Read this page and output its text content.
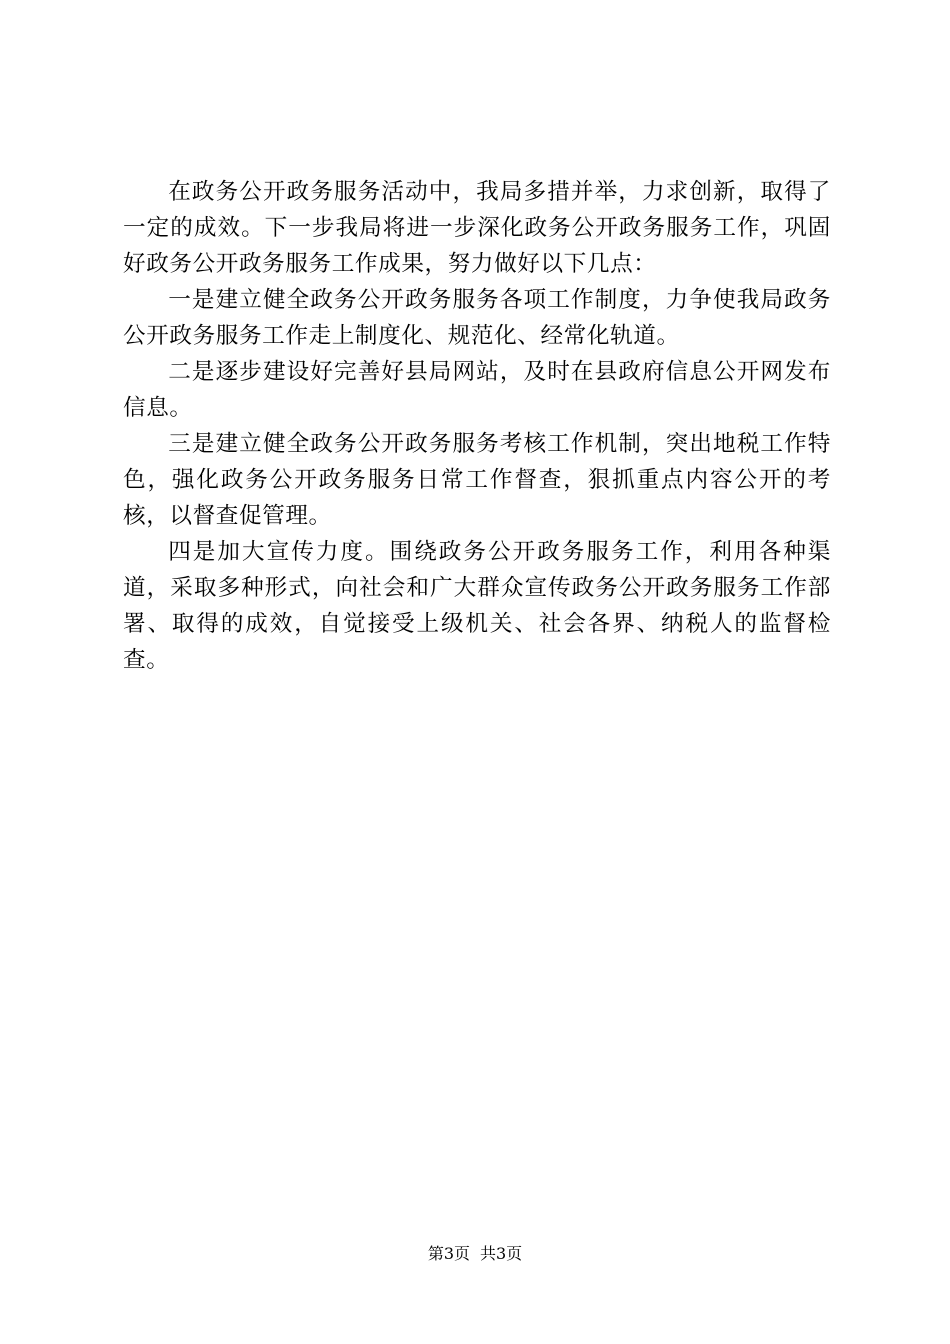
在政务公开政务服务活动中，我局多措并举，力求创新，取得了一定的成效。下一步我局将进一步深化政务公开政务服务工作，巩固好政务公开政务服务工作成果，努力做好以下几点：

一是建立健全政务公开政务服务各项工作制度，力争使我局政务公开政务服务工作走上制度化、规范化、经常化轨道。

二是逐步建设好完善好县局网站，及时在县政府信息公开网发布信息。

三是建立健全政务公开政务服务考核工作机制，突出地税工作特色，强化政务公开政务服务日常工作督查，狠抓重点内容公开的考核，以督查促管理。

四是加大宣传力度。围绕政务公开政务服务工作，利用各种渠道，采取多种形式，向社会和广大群众宣传政务公开政务服务工作部署、取得的成效，自觉接受上级机关、社会各界、纳税人的监督检查。

第3页 共3页
